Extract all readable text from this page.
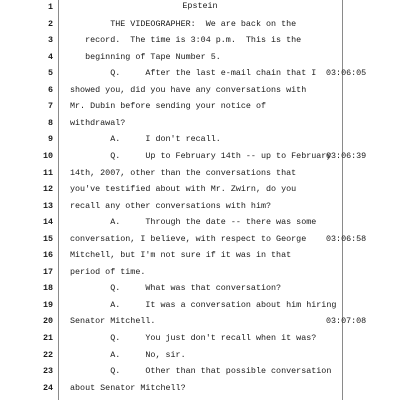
Epstein
1
2 THE VIDEOGRAPHER:  We are back on the
3 record.  The time is 3:04 p.m.  This is the
4 beginning of Tape Number 5.
5 Q.     After the last e-mail chain that I	03:06:05
6 showed you, did you have any conversations with
7 Mr. Dubin before sending your notice of
8 withdrawal?
9 A.     I don't recall.
10 Q.     Up to February 14th -- up to February
03:06:39
11 14th, 2007, other than the conversations that
12 you've testified about with Mr. Zwirn, do you
13 recall any other conversations with him?
14 A.     Through the date -- there was some
15 conversation, I believe, with respect to George	03:06:58
16 Mitchell, but I'm not sure if it was in that
17 period of time.
18 Q.     What was that conversation?
19 A.     It was a conversation about him hiring
20 Senator Mitchell.	03:07:08
21 Q.     You just don't recall when it was?
22 A.     No, sir.
23 Q.     Other than that possible conversation
24 about Senator Mitchell?
